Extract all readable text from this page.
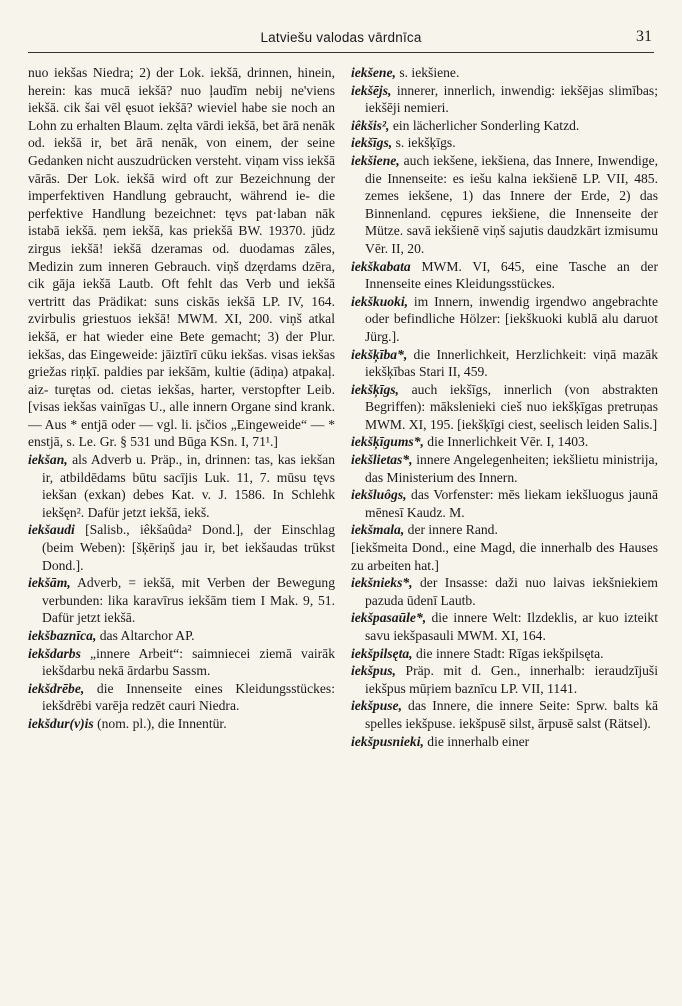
Latviešu valodas vārdnīca	31

nuo iekšas Niedra; 2) der Lok. iekšā, drinnen, hinein, herein: kas mucā iekšā? nuo ļaudīm nebij ne'viens iekšā. cik šai vēl ęsuot iekšā? wieviel habe sie noch an Lohn zu erhalten Blaum. zęlta vārdi iekšā, bet ārā nenāk od. iekšā ir, bet ārā nenāk, von einem, der seine Gedanken nicht auszudrücken versteht. viņam viss iekšā vārās. Der Lok. iekšā wird oft zur Bezeichnung der imperfektiven Handlung gebraucht, während ie- die perfektive Handlung bezeichnet: tęvs pat·laban nāk istabā iekšā. ņem iekšā, kas priekšā BW. 19370. jūdz zirgus iekšā! iekšā dzeramas od. duodamas zāles, Medizin zum inneren Gebrauch. viņš dzęrdams dzēra, cik gāja iekšā Lautb. Oft fehlt das Verb und iekšā vertritt das Prädikat: suns ciskās iekšā LP. IV, 164. zvirbulis griestuos iekšā! MWM. XI, 200. viņš atkal iekšā, er hat wieder eine Bete gemacht; 3) der Plur. iekšas, das Eingeweide: jāiztīrī cūku iekšas. visas iekšas griežas riņķī. paldies par iekšām, kultie (ādiņa) atpakaļ. aiz- turętas od. cietas iekšas, harter, verstopfter Leib. [visas iekšas vainīgas U., alle innern Organe sind krank. — Aus * entjā oder — vgl. li. įsčios „Eingeweide“ — * enstjā, s. Le. Gr. § 531 und Būga KSn. I, 71¹.]

iekšan, als Adverb u. Präp., in, drinnen: tas, kas iekšan ir, atbildēdams būtu sacījis Luk. 11, 7. mūsu tęvs iekšan (exkan) debes Kat. v. J. 1586. In Schlehk iekšęn². Dafür jetzt iekšā, iekš.

iekšaudi [Salisb., iêkšaûda² Dond.], der Einschlag (beim Weben): [šķēriņš jau ir, bet iekšaudas trūkst Dond.].

iekšām, Adverb, = iekšā, mit Verben der Bewegung verbunden: lika karavīrus iekšām tiem I Mak. 9, 51. Dafür jetzt iekšā.

iekšbaznīca, das Altarchor AP.

iekšdarbs „innere Arbeit“: saimniecei ziemā vairāk iekšdarbu nekā ārdarbu Sassm.

iekšdrēbe, die Innenseite eines Kleidungsstückes: iekšdrēbi varēja redzēt cauri Niedra.

iekšdur(v)is (nom. pl.), die Innentür.

iekšene, s. iekšiene.

iekšējs, innerer, innerlich, inwendig: iekšējas slimības; iekšēji nemieri.

iêkšis², ein lächerlicher Sonderling Katzd.

iekšīgs, s. iekšķīgs.

iekšiene, auch iekšene, iekšiena, das Innere, Inwendige, die Innenseite: es iešu kalna iekšienē LP. VII, 485. zemes iekšene, 1) das Innere der Erde, 2) das Binnenland. cępures iekšiene, die Innenseite der Mütze. savā iekšienē viņš sajutis daudzkārt izmisumu Vēr. II, 20.

iekškabata MWM. VI, 645, eine Tasche an der Innenseite eines Kleidungsstückes.

iekškuoki, im Innern, inwendig irgendwo angebrachte oder befindliche Hölzer: [iekškuoki kublā alu daruot Jürg.].

iekšķība*, die Innerlichkeit, Herzlichkeit: viņā mazāk iekšķības Stari II, 459.

iekšķīgs, auch iekšīgs, innerlich (von abstrakten Begriffen): mākslenieki cieš nuo iekšķīgas pretruņas MWM. XI, 195. [iekšķīgi ciest, seelisch leiden Salis.]

iekšķīgums*, die Innerlichkeit Vēr. I, 1403.

iekšlietas*, innere Angelegenheiten; iekšlietu ministrija, das Ministerium des Innern.

iekšluôgs, das Vorfenster: mēs liekam iekšluogus jaunā mēnesī Kaudz. M.

iekšmala, der innere Rand.

[iekšmeita Dond., eine Magd, die innerhalb des Hauses zu arbeiten hat.]

iekšnieks*, der Insasse: daži nuo laivas iekšniekiem pazuda ūdenī Lautb.

iekšpasaūle*, die innere Welt: Ilzdeklis, ar kuo izteikt savu iekšpasauli MWM. XI, 164.

iekšpilsęta, die innere Stadt: Rīgas iekšpilsęta.

iekšpus, Präp. mit d. Gen., innerhalb: ieraudzījuši iekšpus mūŗiem baznīcu LP. VII, 1141.

iekšpuse, das Innere, die innere Seite: Sprw. balts kā spelles iekšpuse. iekšpusē silst, ārpusē salst (Rätsel).

iekšpusnieki, die innerhalb einer
